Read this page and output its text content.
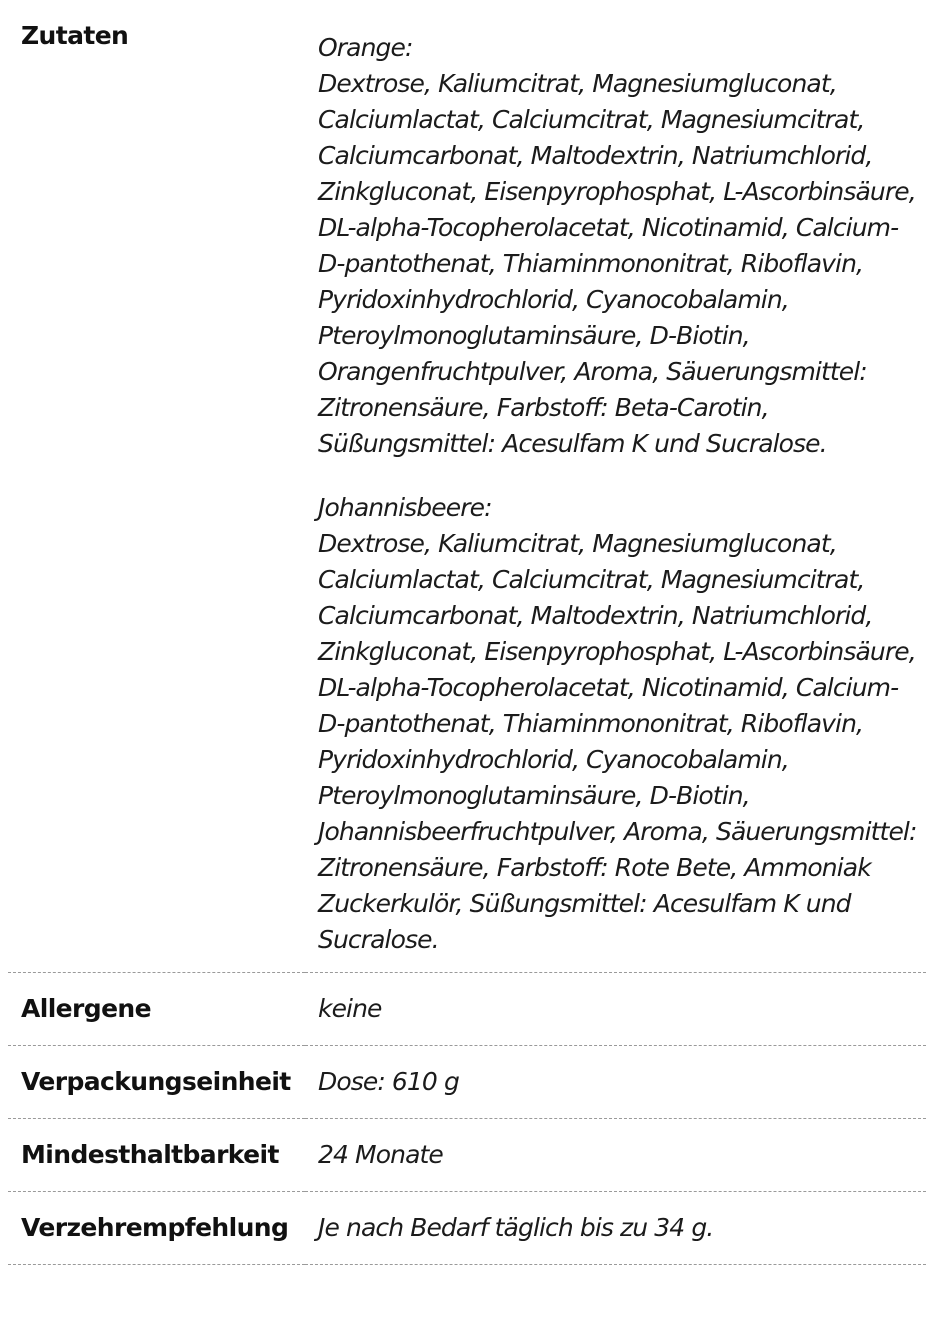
Zutaten	Orange:
Dextrose, Kaliumcitrat, Magnesiumgluconat, Calciumlactat, Calciumcitrat, Magnesiumcitrat, Calciumcarbonat, Maltodextrin, Natriumchlorid, Zinkgluconat, Eisenpyrophosphat, L-Ascorbinsäure, DL-alpha-Tocopherolacetat, Nicotinamid, Calcium-D-pantothenat, Thiaminmononitrat, Riboflavin, Pyridoxinhydrochlorid, Cyanocobalamin, Pteroylmonoglutaminsäure, D-Biotin, Orangenfruchtpulver, Aroma, Säuerungsmittel: Zitronensäure, Farbstoff: Beta-Carotin, Süßungsmittel: Acesulfam K und Sucralose.

Johannisbeere:
Dextrose, Kaliumcitrat, Magnesiumgluconat, Calciumlactat, Calciumcitrat, Magnesiumcitrat, Calciumcarbonat, Maltodextrin, Natriumchlorid, Zinkgluconat, Eisenpyrophosphat, L-Ascorbinsäure, DL-alpha-Tocopherolacetat, Nicotinamid, Calcium-D-pantothenat, Thiaminmononitrat, Riboflavin, Pyridoxinhydrochlorid, Cyanocobalamin, Pteroylmonoglutaminsäure, D-Biotin, Johannisbeerfruchtpulver, Aroma, Säuerungsmittel: Zitronensäure, Farbstoff: Rote Bete, Ammoniak Zuckerkulör, Süßungsmittel: Acesulfam K und Sucralose.

Allergene	keine
Verpackungseinheit	Dose: 610 g
Mindesthaltbarkeit	24 Monate
Verzehrempfehlung	Je nach Bedarf täglich bis zu 34 g.
